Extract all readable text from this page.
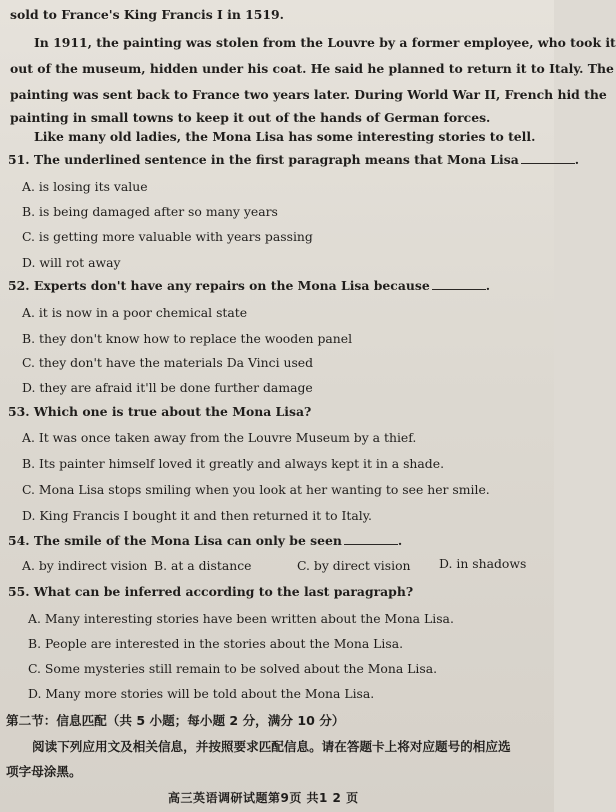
sold to France's King Francis I in 1519.
In 1911, the painting was stolen from the Louvre by a former employee, who took it
out of the museum, hidden under his coat. He said he planned to return it to Italy. The
painting was sent back to France two years later. During World War II, French hid the
painting in small towns to keep it out of the hands of German forces.
Like many old ladies, the Mona Lisa has some interesting stories to tell.
51. The underlined sentence in the first paragraph means that Mona Lisa	.
A. is losing its value
B. is being damaged after so many years
C. is getting more valuable with years passing
D. will rot away
52. Experts don't have any repairs on the Mona Lisa because	.
A. it is now in a poor chemical state
B. they don't know how to replace the wooden panel
C. they don't have the materials Da Vinci used
D. they are afraid it'll be done further damage
53. Which one is true about the Mona Lisa?
A. It was once taken away from the Louvre Museum by a thief.
B. Its painter himself loved it greatly and always kept it in a shade.
C. Mona Lisa stops smiling when you look at her wanting to see her smile.
D. King Francis I bought it and then returned it to Italy.
54. The smile of the Mona Lisa can only be seen	.
A. by indirect vision B. at a distance	C. by direct vision D. in shadows
55. What can be inferred according to the last paragraph?
A. Many interesting stories have been written about the Mona Lisa.
B. People are interested in the stories about the Mona Lisa.
C. Some mysteries still remain to be solved about the Mona Lisa.
D. Many more stories will be told about the Mona Lisa.
第二节：信息匹配（共 5 小题；每小题 2 分，满分 10 分）
阅读下列应用文及相关信息，并按照要求匹配信息。请在答题卡上将对应题号的相应选
项字母涂黑。
高三英语调研试题第9页 共1 2 页
